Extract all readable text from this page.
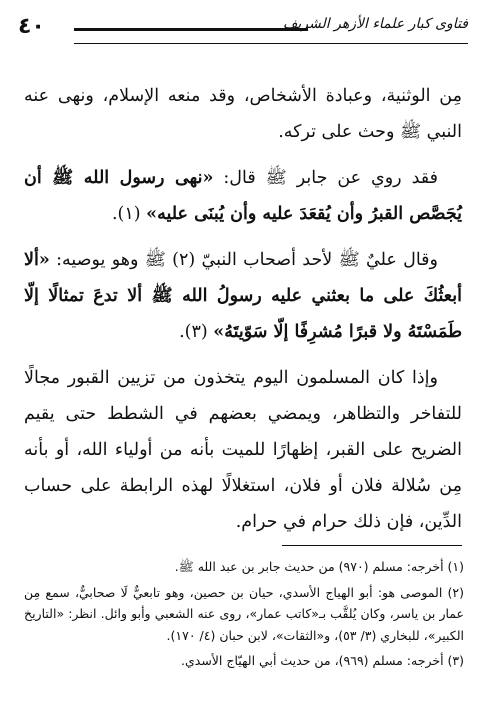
٤٠	فتاوى كبار علماء الأزهر الشريف

مِن الوثنية، وعبادة الأشخاص، وقد منعه الإسلام، ونهى عنه النبي ﷺ وحث على تركه.

فقد روي عن جابر ﷺ قال: «نهى رسول الله ﷺ أن يُجَصَّص القبرُ وأن يُقعَدَ عليه وأن يُبنَى عليه» (١).

وقال عليٌ ﷺ لأحد أصحاب النبيّ (٢) ﷺ وهو يوصيه: «ألا أبعثُكَ على ما بعثني عليه رسولُ الله ﷺ ألا تدعَ تمثالًا إلّا طَمَسْتَهُ ولا قبرًا مُشرِفًا إلّا سَوّيتَهُ» (٣).

وإذا كان المسلمون اليوم يتخذون من تزيين القبور مجالًا للتفاخر والتظاهر، ويمضي بعضهم في الشطط حتى يقيم الضريح على القبر، إظهارًا للميت بأنه من أولياء الله، أو بأنه مِن سُلالة فلان أو فلان، استغلالًا لهذه الرابطة على حساب الدِّين، فإن ذلك حرام في حرام.

(١) أخرجه: مسلم (٩٧٠) من حديث جابر بن عبد الله ﷺ.

(٢) الموصى هو: أبو الهياج الأسدي، حيان بن حصين، وهو تابعيٌّ لَا صحابيٌّ، سمع مِن عمار بن ياسر، وكان يُلقَّب بـ«كاتب عمار»، روى عنه الشعبي وأبو وائل. انظر: «التاريخ الكبير»، للبخاري (٣/ ٥٣)، و«الثقات»، لابن حبان (٤/ ١٧٠).

(٣) أخرجه: مسلم (٩٦٩)، من حديث أبي الهيّاج الأسدي.
